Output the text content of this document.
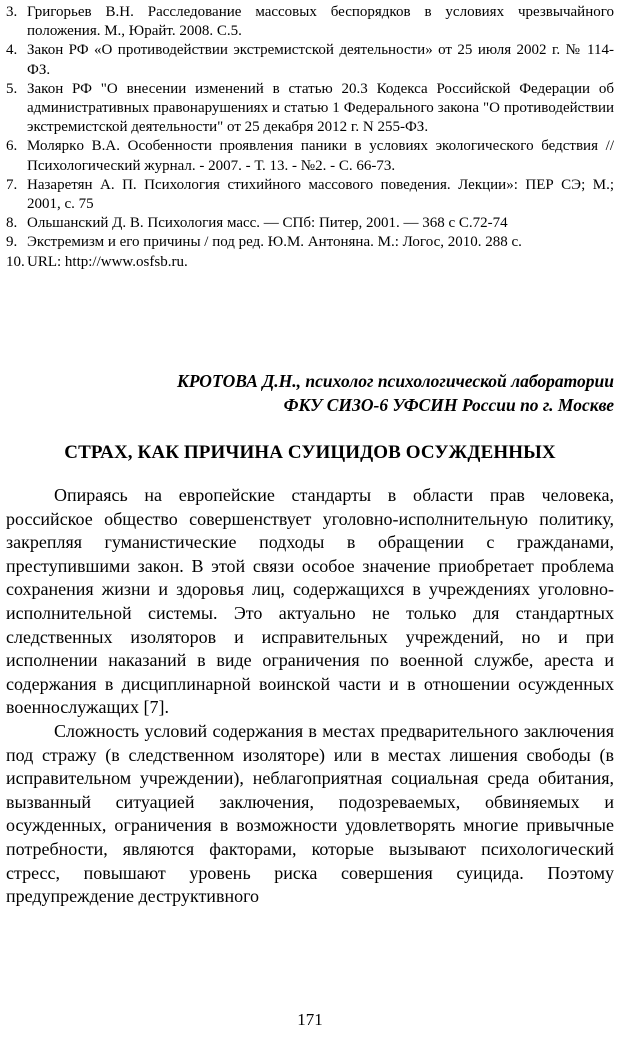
3. Григорьев В.Н. Расследование массовых беспорядков в условиях чрезвычайного положения. М., Юрайт. 2008. С.5.
4. Закон РФ «О противодействии экстремистской деятельности» от 25 июля 2002 г. № 114-ФЗ.
5. Закон РФ "О внесении изменений в статью 20.3 Кодекса Российской Федерации об административных правонарушениях и статью 1 Федерального закона "О противодействии экстремистской деятельности" от 25 декабря 2012 г. N 255-ФЗ.
6. Моляркo В.А. Особенности проявления паники в условиях экологического бедствия // Психологический журнал. - 2007. - Т. 13. - №2. - С. 66-73.
7. Назаретян А. П. Психология стихийного массового поведения. Лекции»: ПЕР СЭ; М.; 2001, с. 75
8. Ольшанский Д. В. Психология масс. — СПб: Питер, 2001. — 368 с С.72-74
9. Экстремизм и его причины / под ред. Ю.М. Антоняна. М.: Логос, 2010. 288 с.
10. URL: http://www.osfsb.ru.
КРОТОВА Д.Н., психолог психологической лаборатории
ФКУ СИЗО-6 УФСИН России по г. Москве
СТРАХ, КАК ПРИЧИНА СУИЦИДОВ ОСУЖДЕННЫХ

Опираясь на европейские стандарты в области прав человека, российское общество совершенствует уголовно-исполнительную политику, закрепляя гуманистические подходы в обращении с гражданами, преступившими закон. В этой связи особое значение приобретает проблема сохранения жизни и здоровья лиц, содержащихся в учреждениях уголовно-исполнительной системы. Это актуально не только для стандартных следственных изоляторов и исправительных учреждений, но и при исполнении наказаний в виде ограничения по военной службе, ареста и содержания в дисциплинарной воинской части и в отношении осужденных военнослужащих [7].

Сложность условий содержания в местах предварительного заключения под стражу (в следственном изоляторе) или в местах лишения свободы (в исправительном учреждении), неблагоприятная социальная среда обитания, вызванный ситуацией заключения, подозреваемых, обвиняемых и осужденных, ограничения в возможности удовлетворять многие привычные потребности, являются факторами, которые вызывают психологический стресс, повышают уровень риска совершения суицида. Поэтому предупреждение деструктивного

171
